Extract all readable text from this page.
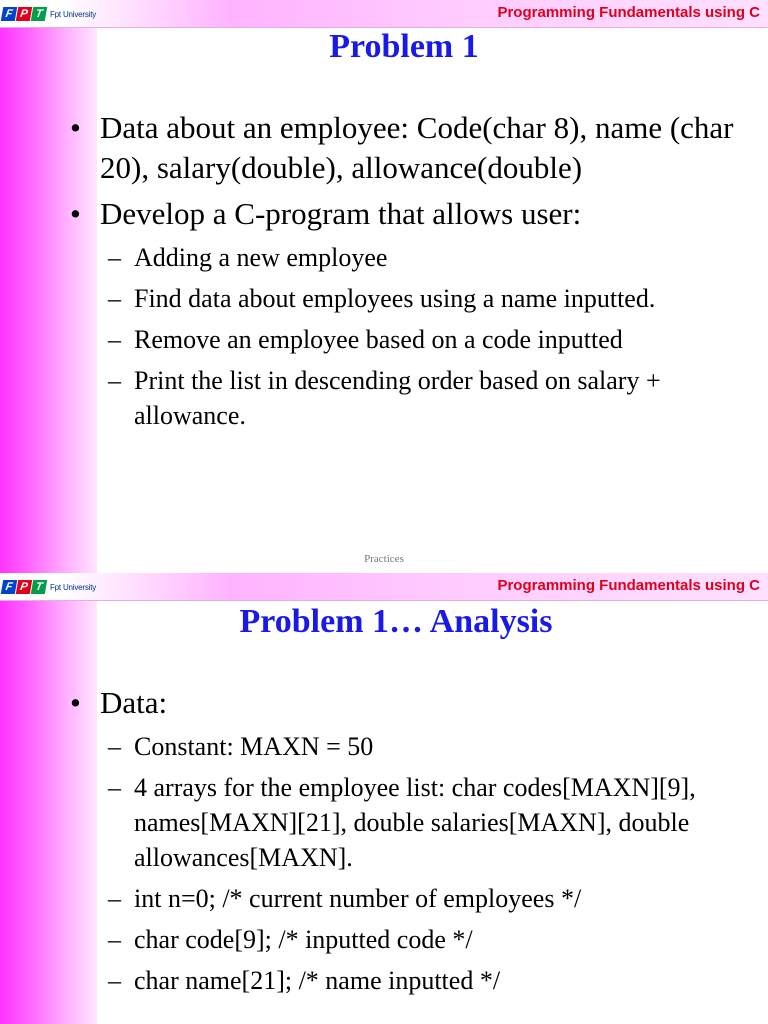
F P T Fpt University	Programming Fundamentals using C
Problem 1
• Data about an employee: Code(char 8), name (char 20), salary(double), allowance(double)
• Develop a C-program that allows user:
– Adding a new employee
– Find data about employees using a name inputted.
– Remove an employee based on a code inputted
– Print the list in descending order based on salary + allowance.
Practices
F P T Fpt University	Programming Fundamentals using C
Problem 1… Analysis
• Data:
– Constant: MAXN = 50
– 4 arrays for the employee list: char codes[MAXN][9], names[MAXN][21], double salaries[MAXN], double allowances[MAXN].
– int n=0; /* current number of employees */
– char code[9]; /* inputted code */
– char name[21]; /* name inputted */
